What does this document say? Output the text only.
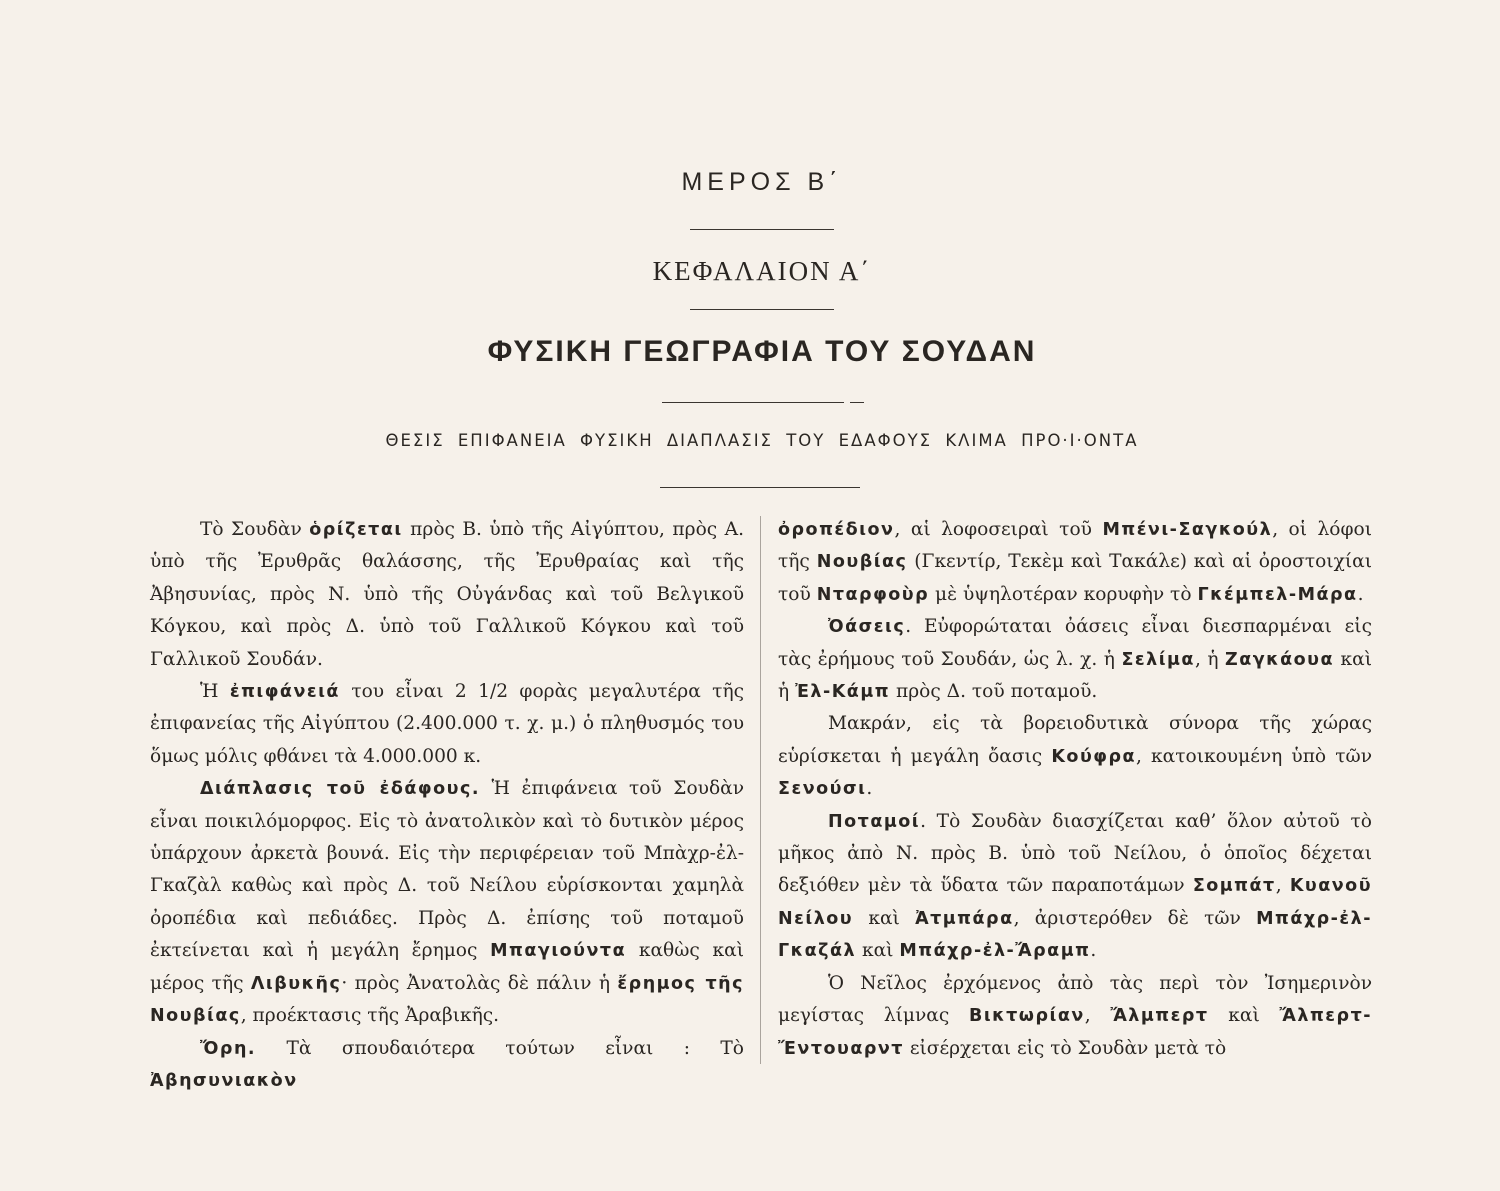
ΜΕΡΟΣ Β΄
ΚΕΦΑΛΑΙΟΝ Α΄
ΦΥΣΙΚΗ ΓΕΩΓΡΑΦΙΑ ΤΟΥ ΣΟΥΔΑΝ
ΘΕΣΙΣ ΕΠΙΦΑΝΕΙΑ ΦΥΣΙΚΗ ΔΙΑΠΛΑΣΙΣ ΤΟΥ ΕΔΑΦΟΥΣ ΚΛΙΜΑ ΠΡΟ·Ι·ΟΝΤΑ

Τὸ Σουδὰν ὁρίζεται πρὸς Β. ὑπὸ τῆς Αἰγύπτου, πρὸς Α. ὑπὸ τῆς Ἐρυθρᾶς θαλάσσης, τῆς Ἐρυθραίας καὶ τῆς Ἀβησυνίας, πρὸς Ν. ὑπὸ τῆς Οὐγάνδας καὶ τοῦ Βελγικοῦ Κόγκου, καὶ πρὸς Δ. ὑπὸ τοῦ Γαλλικοῦ Κόγκου καὶ τοῦ Γαλλικοῦ Σουδάν.

Ἡ ἐπιφάνειά του εἶναι 2 1/2 φορὰς μεγαλυτέρα τῆς ἐπιφανείας τῆς Αἰγύπτου (2.400.000 τ. χ. μ.) ὁ πληθυσμός του ὅμως μόλις φθάνει τὰ 4.000.000 κ.

Διάπλασις τοῦ ἐδάφους. Ἡ ἐπιφάνεια τοῦ Σουδὰν εἶναι ποικιλόμορφος. Εἰς τὸ ἀνατολικὸν καὶ τὸ δυτικὸν μέρος ὑπάρχουν ἀρκετὰ βουνά. Εἰς τὴν περιφέρειαν τοῦ Μπὰχρ-ἐλ-Γκαζὰλ καθὼς καὶ πρὸς Δ. τοῦ Νείλου εὑρίσκονται χαμηλὰ ὀροπέδια καὶ πεδιάδες. Πρὸς Δ. ἐπίσης τοῦ ποταμοῦ ἐκτείνεται καὶ ἡ μεγάλη ἔρημος Μπαγιούντα καθὼς καὶ μέρος τῆς Λιβυκῆς· πρὸς Ἀνατολὰς δὲ πάλιν ἡ ἔρημος τῆς Νουβίας, προέκτασις τῆς Ἀραβικῆς.

Ὄρη. Τὰ σπουδαιότερα τούτων εἶναι : Τὸ Ἀβησυνιακὸν

ὀροπέδιον, αἱ λοφοσειραὶ τοῦ Μπένι-Σαγκούλ, οἱ λόφοι τῆς Νουβίας (Γκεντίρ, Τεκὲμ καὶ Τακάλε) καὶ αἱ ὀροστοιχίαι τοῦ Νταρφοὺρ μὲ ὑψηλοτέραν κορυφὴν τὸ Γκέμπελ-Μάρα.

Ὀάσεις. Εὐφορώταται ὀάσεις εἶναι διεσπαρμέναι εἰς τὰς ἐρήμους τοῦ Σουδάν, ὡς λ. χ. ἡ Σελίμα, ἡ Ζαγκάουα καὶ ἡ Ἐλ-Κάμπ πρὸς Δ. τοῦ ποταμοῦ.

Μακράν, εἰς τὰ βορειοδυτικὰ σύνορα τῆς χώρας εὑρίσκεται ἡ μεγάλη ὄασις Κούφρα, κατοικουμένη ὑπὸ τῶν Σενούσι.

Ποταμοί. Τὸ Σουδὰν διασχίζεται καθ’ ὅλον αὐτοῦ τὸ μῆκος ἀπὸ Ν. πρὸς Β. ὑπὸ τοῦ Νείλου, ὁ ὁποῖος δέχεται δεξιόθεν μὲν τὰ ὕδατα τῶν παραποτάμων Σομπάτ, Κυανοῦ Νείλου καὶ Ἀτμπάρα, ἀριστερόθεν δὲ τῶν Μπάχρ-ἐλ-Γκαζάλ καὶ Μπάχρ-ἐλ-Ἄραμπ.

Ὁ Νεῖλος ἐρχόμενος ἀπὸ τὰς περὶ τὸν Ἰσημερινὸν μεγίστας λίμνας Βικτωρίαν, Ἄλμπερτ καὶ Ἄλπερτ-Ἔντουαρντ εἰσέρχεται εἰς τὸ Σουδὰν μετὰ τὸ
